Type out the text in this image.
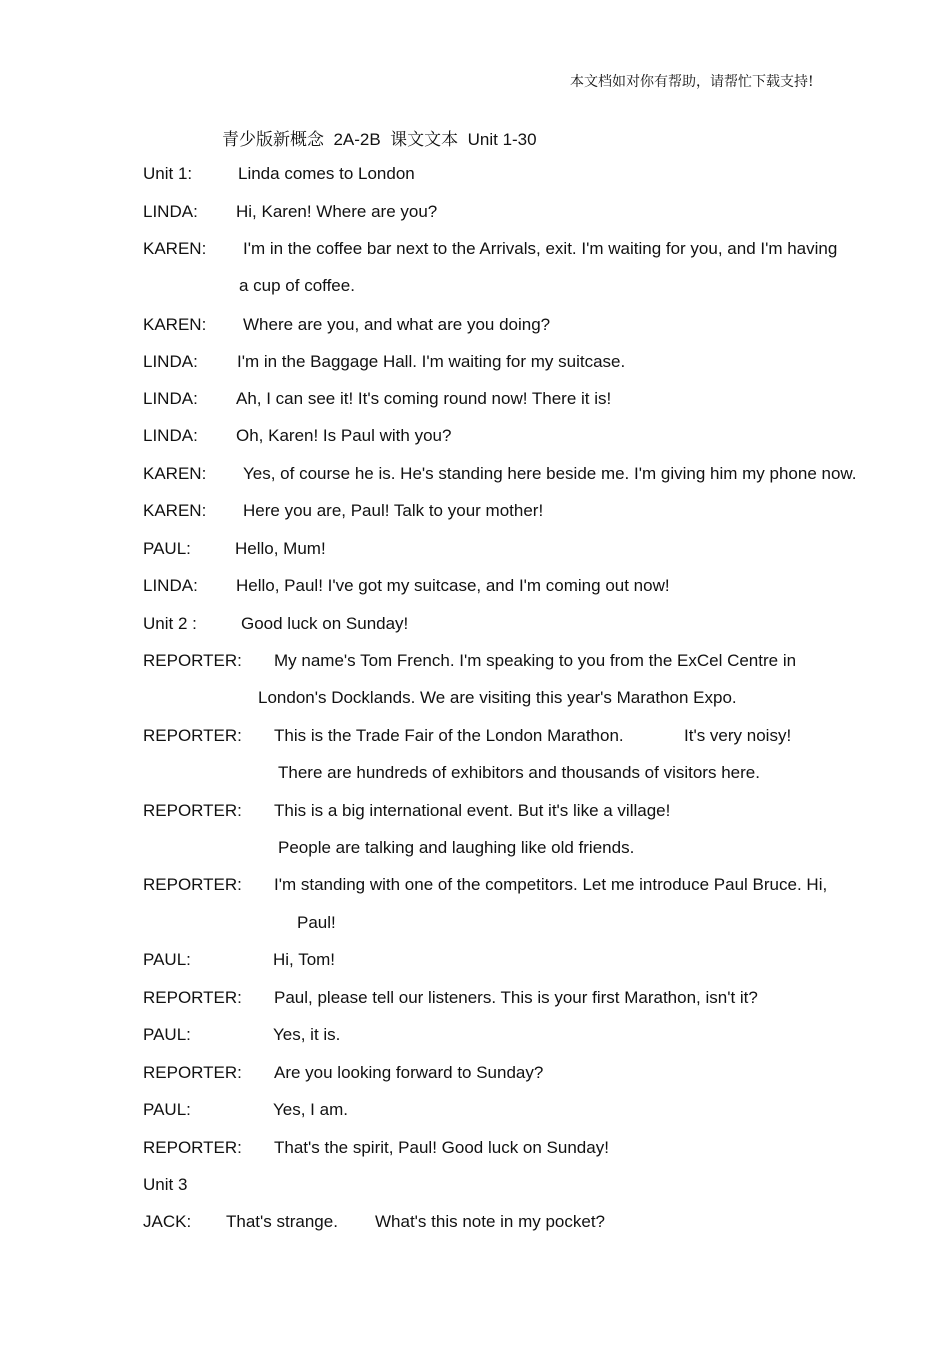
本文档如对你有帮助，请帮忙下载支持!
青少版新概念 2A-2B 课文文本 Unit 1-30
Unit 1:	Linda comes to London
LINDA: Hi, Karen! Where are you?
KAREN: I'm in the coffee bar next to the Arrivals, exit. I'm waiting for you, and I'm having
a cup of coffee.
KAREN: Where are you, and what are you doing?
LINDA: I'm in the Baggage Hall. I'm waiting for my suitcase.
LINDA: Ah, I can see it! It's coming round now! There it is!
LINDA: Oh, Karen! Is Paul with you?
KAREN: Yes, of course he is. He's standing here beside me. I'm giving him my phone now.
KAREN: Here you are, Paul! Talk to your mother!
PAUL:	Hello, Mum!
LINDA: Hello, Paul! I've got my suitcase, and I'm coming out now!
Unit 2 :	Good luck on Sunday!
REPORTER: My name's Tom French. I'm speaking to you from the ExCel Centre in
London's Docklands. We are visiting this year's Marathon Expo.
REPORTER: This is the Trade Fair of the London Marathon.	It's very noisy!
There are hundreds of exhibitors and thousands of visitors here.
REPORTER: This is a big international event. But it's like a village!
People are talking and laughing like old friends.
REPORTER: I'm standing with one of the competitors. Let me introduce Paul Bruce. Hi,
Paul!
PAUL:	Hi, Tom!
REPORTER: Paul, please tell our listeners. This is your first Marathon, isn't it?
PAUL:	Yes, it is.
REPORTER: Are you looking forward to Sunday?
PAUL:	Yes, I am.
REPORTER: That's the spirit, Paul! Good luck on Sunday!
Unit 3
JACK: That's strange. What's this note in my pocket?
